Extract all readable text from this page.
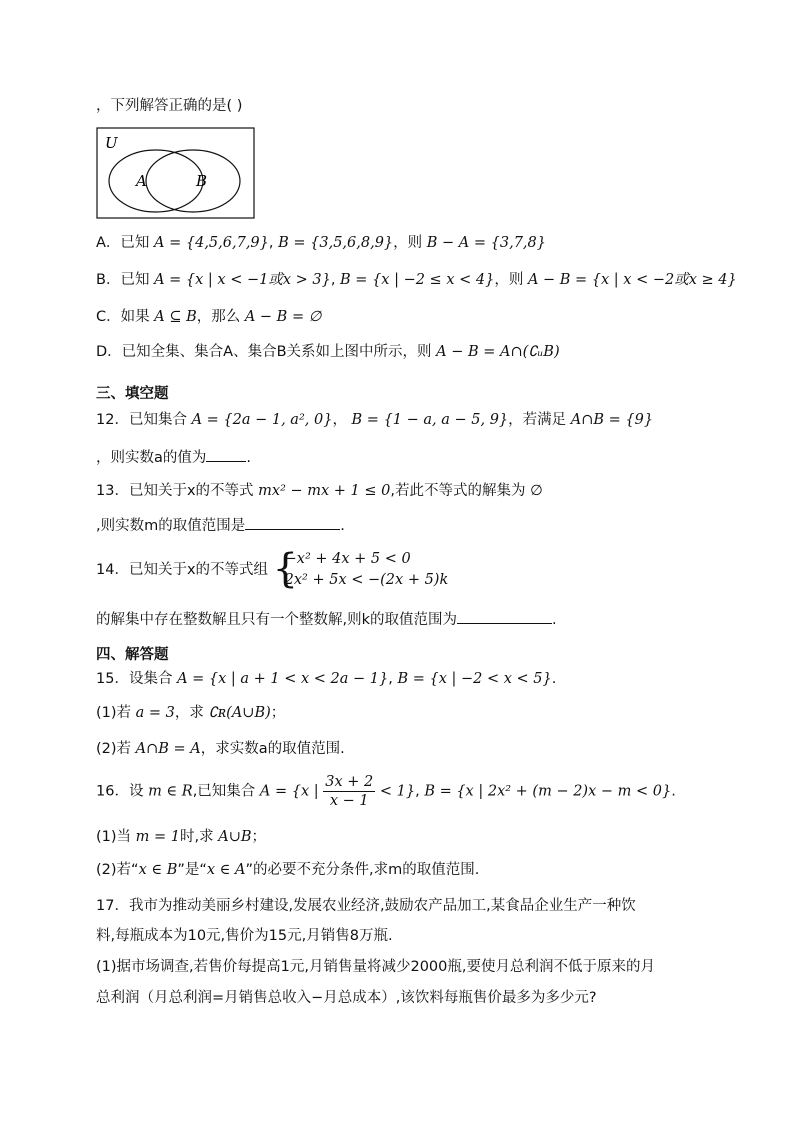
，下列解答正确的是( )
U
A	B
A．已知 A = {4,5,6,7,9}, B = {3,5,6,8,9}，则 B − A = {3,7,8}
B．已知 A = {x | x < −1或x > 3}, B = {x | −2 ≤ x < 4}，则 A − B = {x | x < −2或x ≥ 4}
C．如果 A ⊆ B，那么 A − B = ∅
D．已知全集、集合A、集合B关系如上图中所示，则 A − B = A∩(∁ᵤB)
三、填空题
12．已知集合 A = {2a − 1, a², 0}， B = {1 − a, a − 5, 9}，若满足 A∩B = {9}
，则实数a的值为	.
13．已知关于x的不等式 mx² − mx + 1 ≤ 0,若此不等式的解集为 ∅
,则实数m的取值范围是	.
14．已知关于x的不等式组 {
−x² + 4x + 5 < 0
2x² + 5x < −(2x + 5)k
的解集中存在整数解且只有一个整数解,则k的取值范围为	.
四、解答题
15．设集合 A = {x | a + 1 < x < 2a − 1}, B = {x | −2 < x < 5}.
(1)若 a = 3，求 ∁ʀ(A∪B)；
(2)若 A∩B = A，求实数a的取值范围.
16．设 m ∈ R,已知集合 A = {x | $\frac{3x + 2}{x - 1} < 1$}, B = {x | 2x² + (m − 2)x − m < 0}.
(1)当 m = 1时,求 A∪B；
(2)若“x ∈ B”是“x ∈ A”的必要不充分条件,求m的取值范围.
17．我市为推动美丽乡村建设,发展农业经济,鼓励农产品加工,某食品企业生产一种饮
料,每瓶成本为10元,售价为15元,月销售8万瓶.
(1)据市场调查,若售价每提高1元,月销售量将减少2000瓶,要使月总利润不低于原来的月
总利润（月总利润=月销售总收入−月总成本）,该饮料每瓶售价最多为多少元?
